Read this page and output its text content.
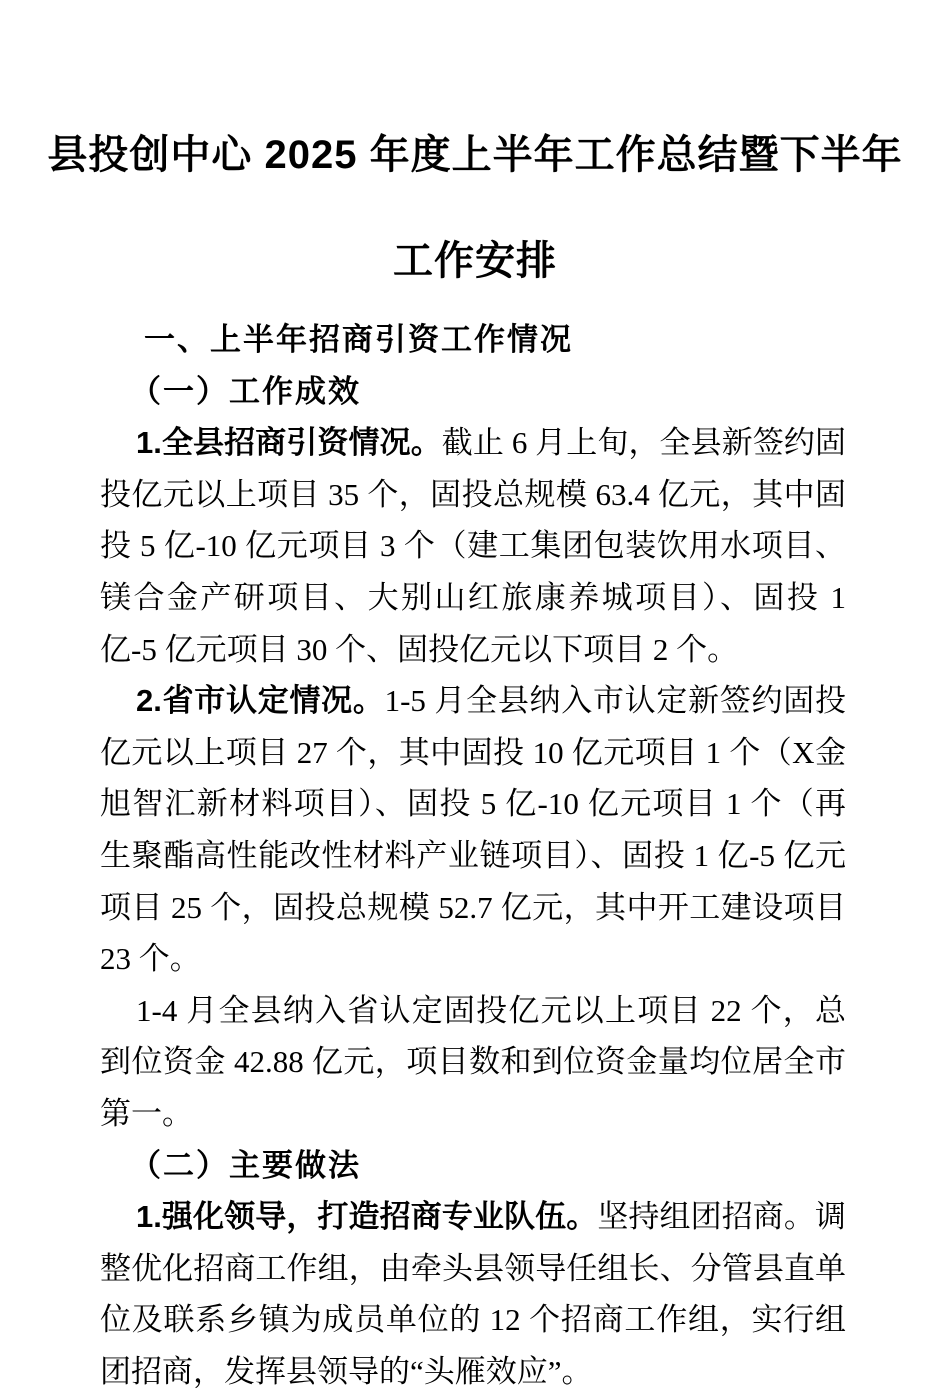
县投创中心 2025 年度上半年工作总结暨下半年
工作安排

一、上半年招商引资工作情况

（一）工作成效

1.全县招商引资情况。截止 6 月上旬，全县新签约固投亿元以上项目 35 个，固投总规模 63.4 亿元，其中固投 5 亿-10 亿元项目 3 个（建工集团包装饮用水项目、镁合金产研项目、大别山红旅康养城项目）、固投 1 亿-5 亿元项目 30 个、固投亿元以下项目 2 个。

2.省市认定情况。1-5 月全县纳入市认定新签约固投亿元以上项目 27 个，其中固投 10 亿元项目 1 个（X金旭智汇新材料项目）、固投 5 亿-10 亿元项目 1 个（再生聚酯高性能改性材料产业链项目）、固投 1 亿-5 亿元项目 25 个，固投总规模 52.7 亿元，其中开工建设项目 23 个。

1-4 月全县纳入省认定固投亿元以上项目 22 个，总到位资金 42.88 亿元，项目数和到位资金量均位居全市第一。

（二）主要做法

1.强化领导，打造招商专业队伍。坚持组团招商。调整优化招商工作组，由牵头县领导任组长、分管县直单位及联系乡镇为成员单位的 12 个招商工作组，实行组团招商，发挥县领导的“头雁效应”。
